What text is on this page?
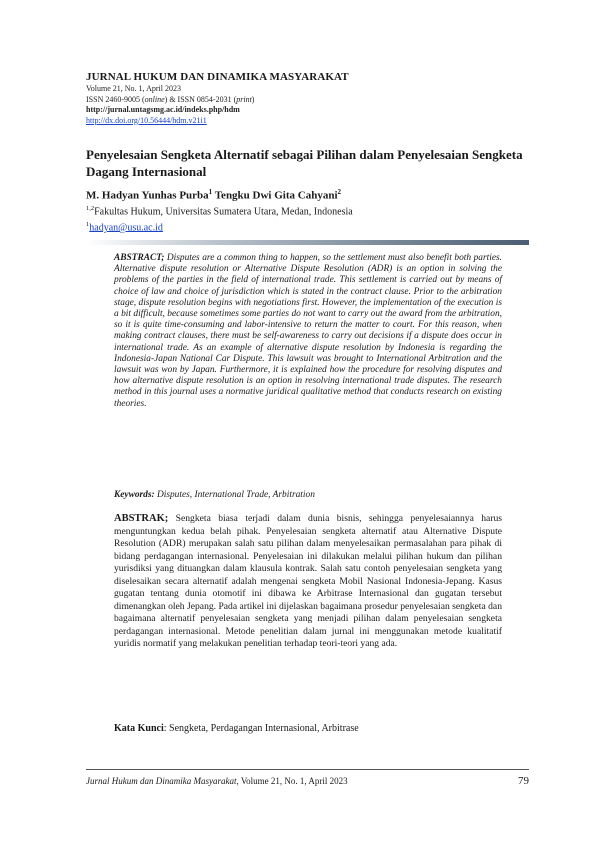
JURNAL HUKUM DAN DINAMIKA MASYARAKAT
Volume 21, No. 1, April 2023
ISSN 2460-9005 (online) & ISSN 0854-2031 (print)
http://jurnal.untagsmg.ac.id/indeks.php/hdm
http://dx.doi.org/10.56444/hdm.v21i1
Penyelesaian Sengketa Alternatif sebagai Pilihan dalam Penyelesaian Sengketa Dagang Internasional
M. Hadyan Yunhas Purba$^1$ Tengku Dwi Gita Cahyani$^2$
$^{1,2}$Fakultas Hukum, Universitas Sumatera Utara, Medan, Indonesia
$^1$hadyan@usu.ac.id
ABSTRACT; Disputes are a common thing to happen, so the settlement must also benefit both parties. Alternative dispute resolution or Alternative Dispute Resolution (ADR) is an option in solving the problems of the parties in the field of international trade. This settlement is carried out by means of choice of law and choice of jurisdiction which is stated in the contract clause. Prior to the arbitration stage, dispute resolution begins with negotiations first. However, the implementation of the execution is a bit difficult, because sometimes some parties do not want to carry out the award from the arbitration, so it is quite time-consuming and labor-intensive to return the matter to court. For this reason, when making contract clauses, there must be self-awareness to carry out decisions if a dispute does occur in international trade. As an example of alternative dispute resolution by Indonesia is regarding the Indonesia-Japan National Car Dispute. This lawsuit was brought to International Arbitration and the lawsuit was won by Japan. Furthermore, it is explained how the procedure for resolving disputes and how alternative dispute resolution is an option in resolving international trade disputes. The research method in this journal uses a normative juridical qualitative method that conducts research on existing theories.
Keywords: Disputes, International Trade, Arbitration
ABSTRAK; Sengketa biasa terjadi dalam dunia bisnis, sehingga penyelesaiannya harus menguntungkan kedua belah pihak. Penyelesaian sengketa alternatif atau Alternative Dispute Resolution (ADR) merupakan salah satu pilihan dalam menyelesaikan permasalahan para pihak di bidang perdagangan internasional. Penyelesaian ini dilakukan melalui pilihan hukum dan pilihan yurisdiksi yang dituangkan dalam klausula kontrak. Salah satu contoh penyelesaian sengketa yang diselesaikan secara alternatif adalah mengenai sengketa Mobil Nasional Indonesia-Jepang. Kasus gugatan tentang dunia otomotif ini dibawa ke Arbitrase Internasional dan gugatan tersebut dimenangkan oleh Jepang. Pada artikel ini dijelaskan bagaimana prosedur penyelesaian sengketa dan bagaimana alternatif penyelesaian sengketa yang menjadi pilihan dalam penyelesaian sengketa perdagangan internasional. Metode penelitian dalam jurnal ini menggunakan metode kualitatif yuridis normatif yang melakukan penelitian terhadap teori-teori yang ada.
Kata Kunci: Sengketa, Perdagangan Internasional, Arbitrase
Jurnal Hukum dan Dinamika Masyarakat, Volume 21, No. 1, April 2023	79
